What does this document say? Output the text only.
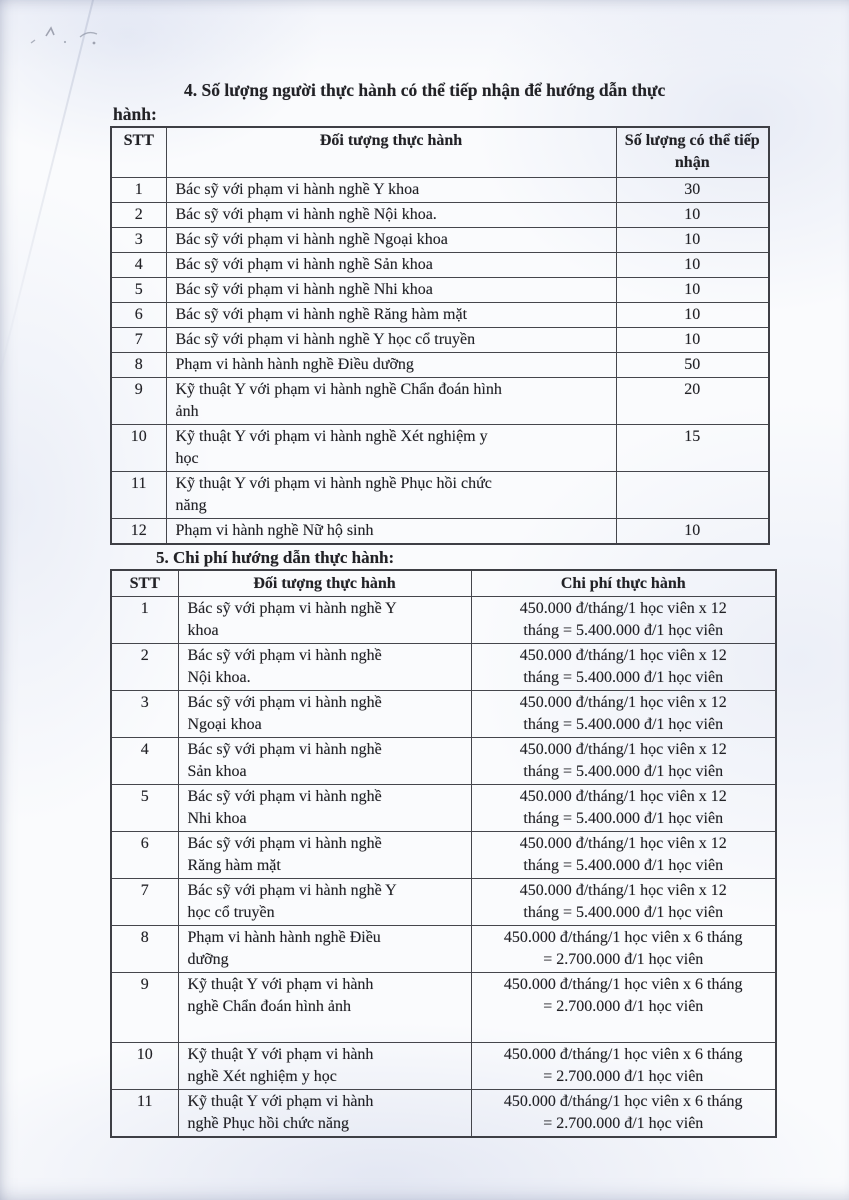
4. Số lượng người thực hành có thể tiếp nhận để hướng dẫn thực
hành:
STT	Đối tượng thực hành	Số lượng có thể tiếp nhận
1	Bác sỹ với phạm vi hành nghề Y khoa	30
2	Bác sỹ với phạm vi hành nghề Nội khoa.	10
3	Bác sỹ với phạm vi hành nghề Ngoại khoa	10
4	Bác sỹ với phạm vi hành nghề Sản khoa	10
5	Bác sỹ với phạm vi hành nghề Nhi khoa	10
6	Bác sỹ với phạm vi hành nghề Răng hàm mặt	10
7	Bác sỹ với phạm vi hành nghề Y học cổ truyền	10
8	Phạm vi hành hành nghề Điều dưỡng	50
9	Kỹ thuật Y với phạm vi hành nghề Chẩn đoán hình
ảnh	20
10	Kỹ thuật Y với phạm vi hành nghề Xét nghiệm y
học	15
11	Kỹ thuật Y với phạm vi hành nghề Phục hồi chức
năng	

12	Phạm vi hành nghề Nữ hộ sinh	10
5. Chi phí hướng dẫn thực hành:
STT	Đối tượng thực hành	Chi phí thực hành
1	Bác sỹ với phạm vi hành nghề Y
khoa	450.000 đ/tháng/1 học viên x 12
tháng = 5.400.000 đ/1 học viên

2	Bác sỹ với phạm vi hành nghề
Nội khoa.	450.000 đ/tháng/1 học viên x 12
tháng = 5.400.000 đ/1 học viên

3	Bác sỹ với phạm vi hành nghề
Ngoại khoa	450.000 đ/tháng/1 học viên x 12
tháng = 5.400.000 đ/1 học viên

4	Bác sỹ với phạm vi hành nghề
Sản khoa	450.000 đ/tháng/1 học viên x 12
tháng = 5.400.000 đ/1 học viên

5	Bác sỹ với phạm vi hành nghề
Nhi khoa	450.000 đ/tháng/1 học viên x 12
tháng = 5.400.000 đ/1 học viên

6	Bác sỹ với phạm vi hành nghề
Răng hàm mặt	450.000 đ/tháng/1 học viên x 12
tháng = 5.400.000 đ/1 học viên

7	Bác sỹ với phạm vi hành nghề Y
học cổ truyền	450.000 đ/tháng/1 học viên x 12
tháng = 5.400.000 đ/1 học viên

8	Phạm vi hành hành nghề Điều
dưỡng	450.000 đ/tháng/1 học viên x 6 tháng
= 2.700.000 đ/1 học viên

9	Kỹ thuật Y với phạm vi hành
nghề Chẩn đoán hình ảnh	450.000 đ/tháng/1 học viên x 6 tháng
= 2.700.000 đ/1 học viên

10	Kỹ thuật Y với phạm vi hành
nghề Xét nghiệm y học	450.000 đ/tháng/1 học viên x 6 tháng
= 2.700.000 đ/1 học viên

11	Kỹ thuật Y với phạm vi hành
nghề Phục hồi chức năng	450.000 đ/tháng/1 học viên x 6 tháng
= 2.700.000 đ/1 học viên
